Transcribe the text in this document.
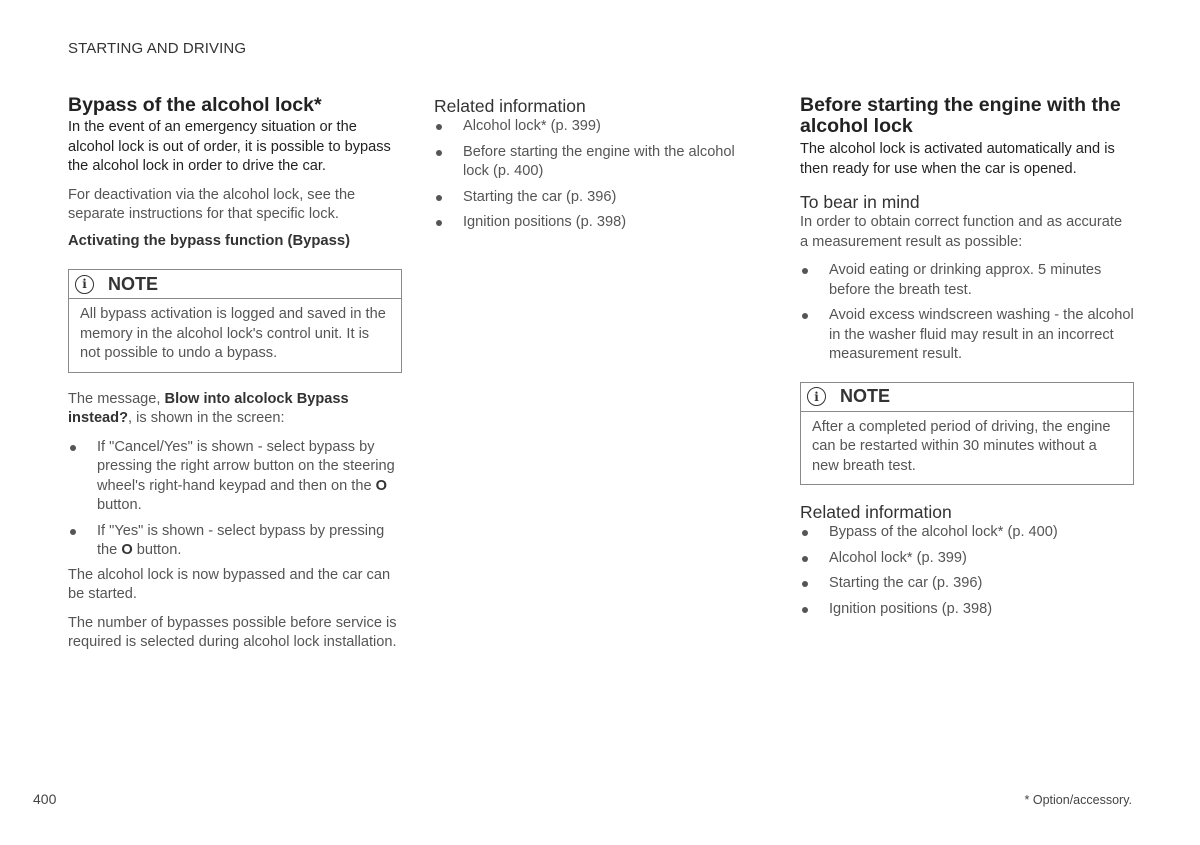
STARTING AND DRIVING
Bypass of the alcohol lock*

In the event of an emergency situation or the alcohol lock is out of order, it is possible to bypass the alcohol lock in order to drive the car.

For deactivation via the alcohol lock, see the separate instructions for that specific lock.

Activating the bypass function (Bypass)

i	NOTE
All bypass activation is logged and saved in the memory in the alcohol lock's control unit. It is not possible to undo a bypass.

The message, Blow into alcolock Bypass instead?, is shown in the screen:

If "Cancel/Yes" is shown - select bypass by pressing the right arrow button on the steering wheel's right-hand keypad and then on the O button.
If "Yes" is shown - select bypass by pressing the O button.

The alcohol lock is now bypassed and the car can be started.

The number of bypasses possible before service is required is selected during alcohol lock installation.

Related information
Alcohol lock* (p. 399)
Before starting the engine with the alcohol lock (p. 400)
Starting the car (p. 396)
Ignition positions (p. 398)
Before starting the engine with the alcohol lock

The alcohol lock is activated automatically and is then ready for use when the car is opened.

To bear in mind

In order to obtain correct function and as accurate a measurement result as possible:

Avoid eating or drinking approx. 5 minutes before the breath test.
Avoid excess windscreen washing - the alcohol in the washer fluid may result in an incorrect measurement result.
i	NOTE
After a completed period of driving, the engine can be restarted within 30 minutes without a new breath test.
Related information
Bypass of the alcohol lock* (p. 400)
Alcohol lock* (p. 399)
Starting the car (p. 396)
Ignition positions (p. 398)
400	* Option/accessory.
